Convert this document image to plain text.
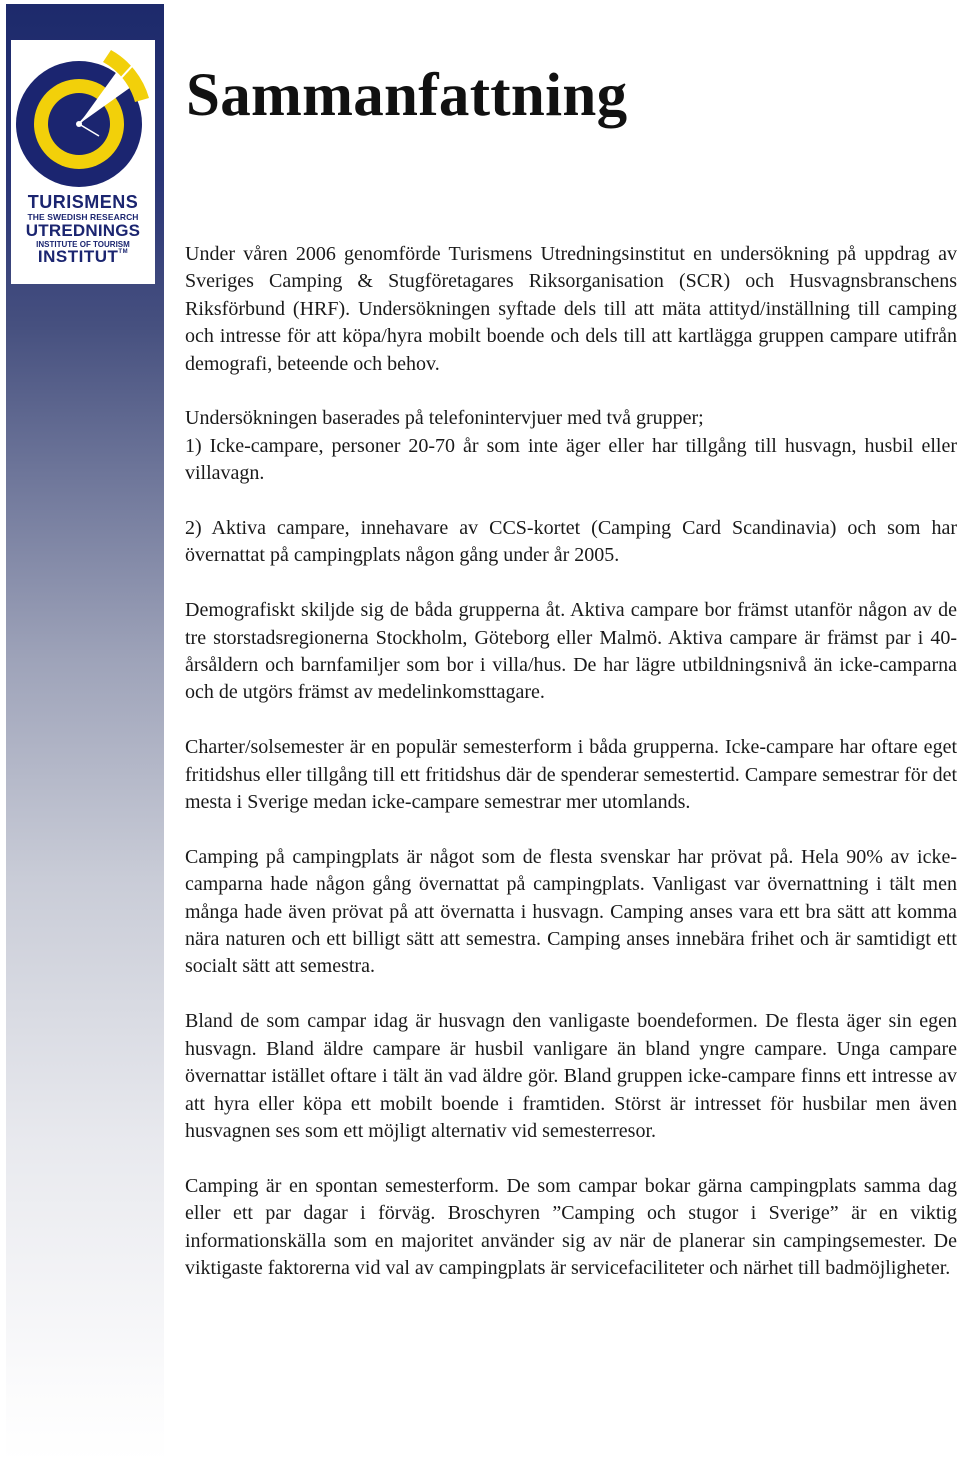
TURISMENS
THE SWEDISH RESEARCH
UTREDNINGS
INSTITUTE OF TOURISM
INSTITUT™
Sammanfattning

Under våren 2006 genomförde Turismens Utredningsinstitut en undersökning på uppdrag av Sveriges Camping & Stugföretagares Riksorganisation (SCR) och Husvagnsbranschens Riksförbund (HRF). Undersökningen syftade dels till att mäta attityd/inställning till camping och intresse för att köpa/hyra mobilt boende och dels till att kartlägga gruppen campare utifrån demografi, beteende och behov.

Undersökningen baserades på telefonintervjuer med två grupper;

1) Icke-campare, personer 20-70 år som inte äger eller har tillgång till husvagn, husbil eller villavagn.

2) Aktiva campare, innehavare av CCS-kortet (Camping Card Scandinavia) och som har övernattat på campingplats någon gång under år 2005.

Demografiskt skiljde sig de båda grupperna åt. Aktiva campare bor främst utanför någon av de tre storstadsregionerna Stockholm, Göteborg eller Malmö. Aktiva campare är främst par i 40-årsåldern och barnfamiljer som bor i villa/hus. De har lägre utbildningsnivå än icke-camparna och de utgörs främst av medelinkomsttagare.

Charter/solsemester är en populär semesterform i båda grupperna. Icke-campare har oftare eget fritidshus eller tillgång till ett fritidshus där de spenderar semestertid. Campare semestrar för det mesta i Sverige medan icke-campare semestrar mer utomlands.

Camping på campingplats är något som de flesta svenskar har prövat på. Hela 90% av icke-camparna hade någon gång övernattat på campingplats. Vanligast var övernattning i tält men många hade även prövat på att övernatta i husvagn. Camping anses vara ett bra sätt att komma nära naturen och ett billigt sätt att semestra. Camping anses innebära frihet och är samtidigt ett socialt sätt att semestra.

Bland de som campar idag är husvagn den vanligaste boendeformen. De flesta äger sin egen husvagn. Bland äldre campare är husbil vanligare än bland yngre campare. Unga campare övernattar istället oftare i tält än vad äldre gör. Bland gruppen icke-campare finns ett intresse av att hyra eller köpa ett mobilt boende i framtiden. Störst är intresset för husbilar men även husvagnen ses som ett möjligt alternativ vid semesterresor.

Camping är en spontan semesterform. De som campar bokar gärna campingplats samma dag eller ett par dagar i förväg. Broschyren ”Camping och stugor i Sverige” är en viktig informationskälla som en majoritet använder sig av när de planerar sin campingsemester. De viktigaste faktorerna vid val av campingplats är servicefaciliteter och närhet till badmöjligheter.
